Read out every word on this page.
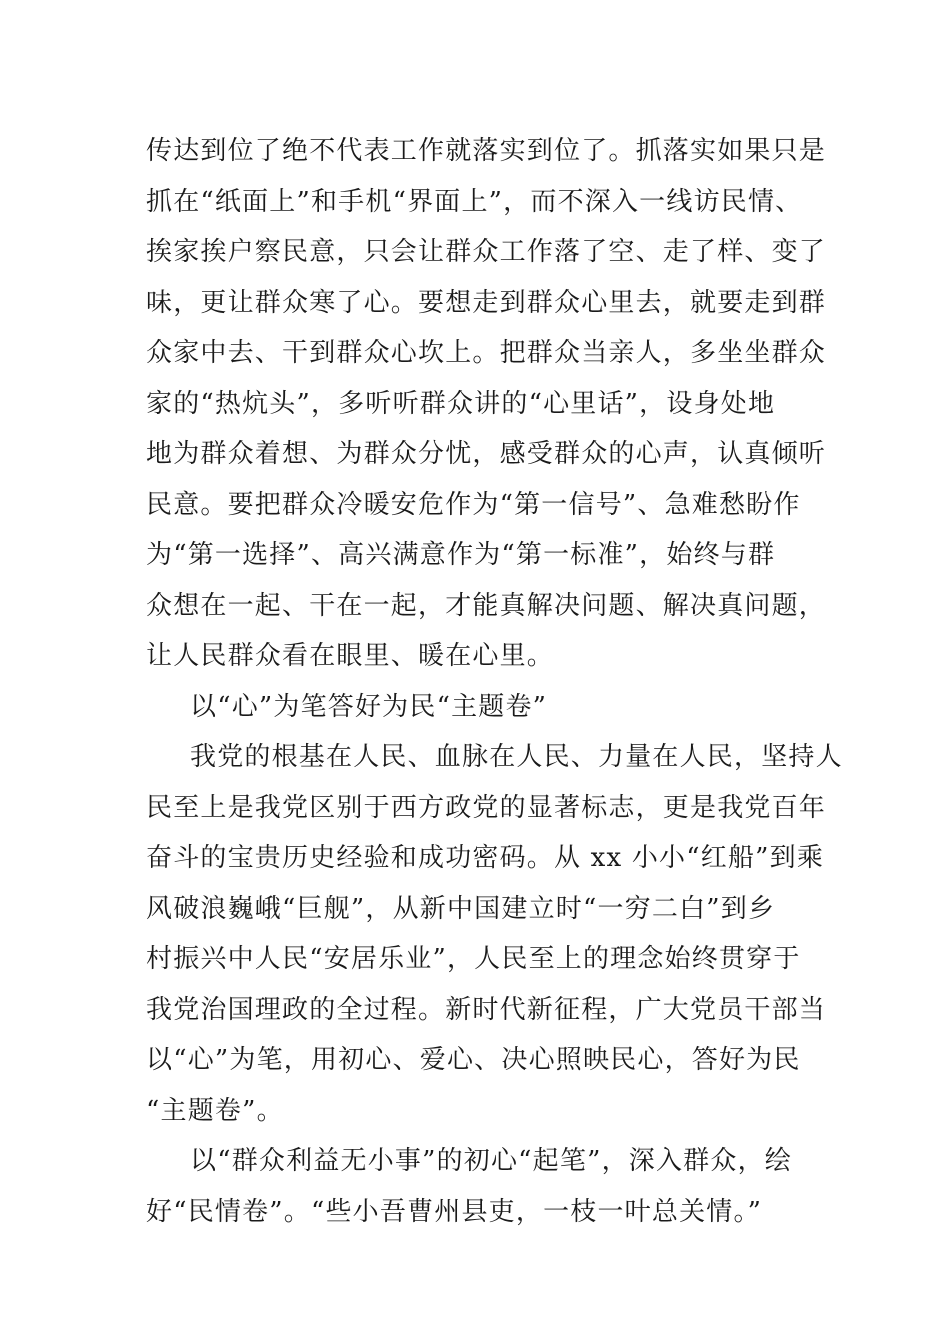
传达到位了绝不代表工作就落实到位了。抓落实如果只是
抓在“纸面上”和手机“界面上”，而不深入一线访民情、
挨家挨户察民意，只会让群众工作落了空、走了样、变了
味，更让群众寒了心。要想走到群众心里去，就要走到群
众家中去、干到群众心坎上。把群众当亲人，多坐坐群众
家的“热炕头”，多听听群众讲的“心里话”，设身处地
地为群众着想、为群众分忧，感受群众的心声，认真倾听
民意。要把群众冷暖安危作为“第一信号”、急难愁盼作
为“第一选择”、高兴满意作为“第一标准”，始终与群
众想在一起、干在一起，才能真解决问题、解决真问题，
让人民群众看在眼里、暖在心里。
以“心”为笔答好为民“主题卷”
我党的根基在人民、血脉在人民、力量在人民，坚持人
民至上是我党区别于西方政党的显著标志，更是我党百年
奋斗的宝贵历史经验和成功密码。从 xx 小小“红船”到乘
风破浪巍峨“巨舰”，从新中国建立时“一穷二白”到乡
村振兴中人民“安居乐业”，人民至上的理念始终贯穿于
我党治国理政的全过程。新时代新征程，广大党员干部当
以“心”为笔，用初心、爱心、决心照映民心，答好为民
“主题卷”。
以“群众利益无小事”的初心“起笔”，深入群众，绘
好“民情卷”。“些小吾曹州县吏，一枝一叶总关情。”
